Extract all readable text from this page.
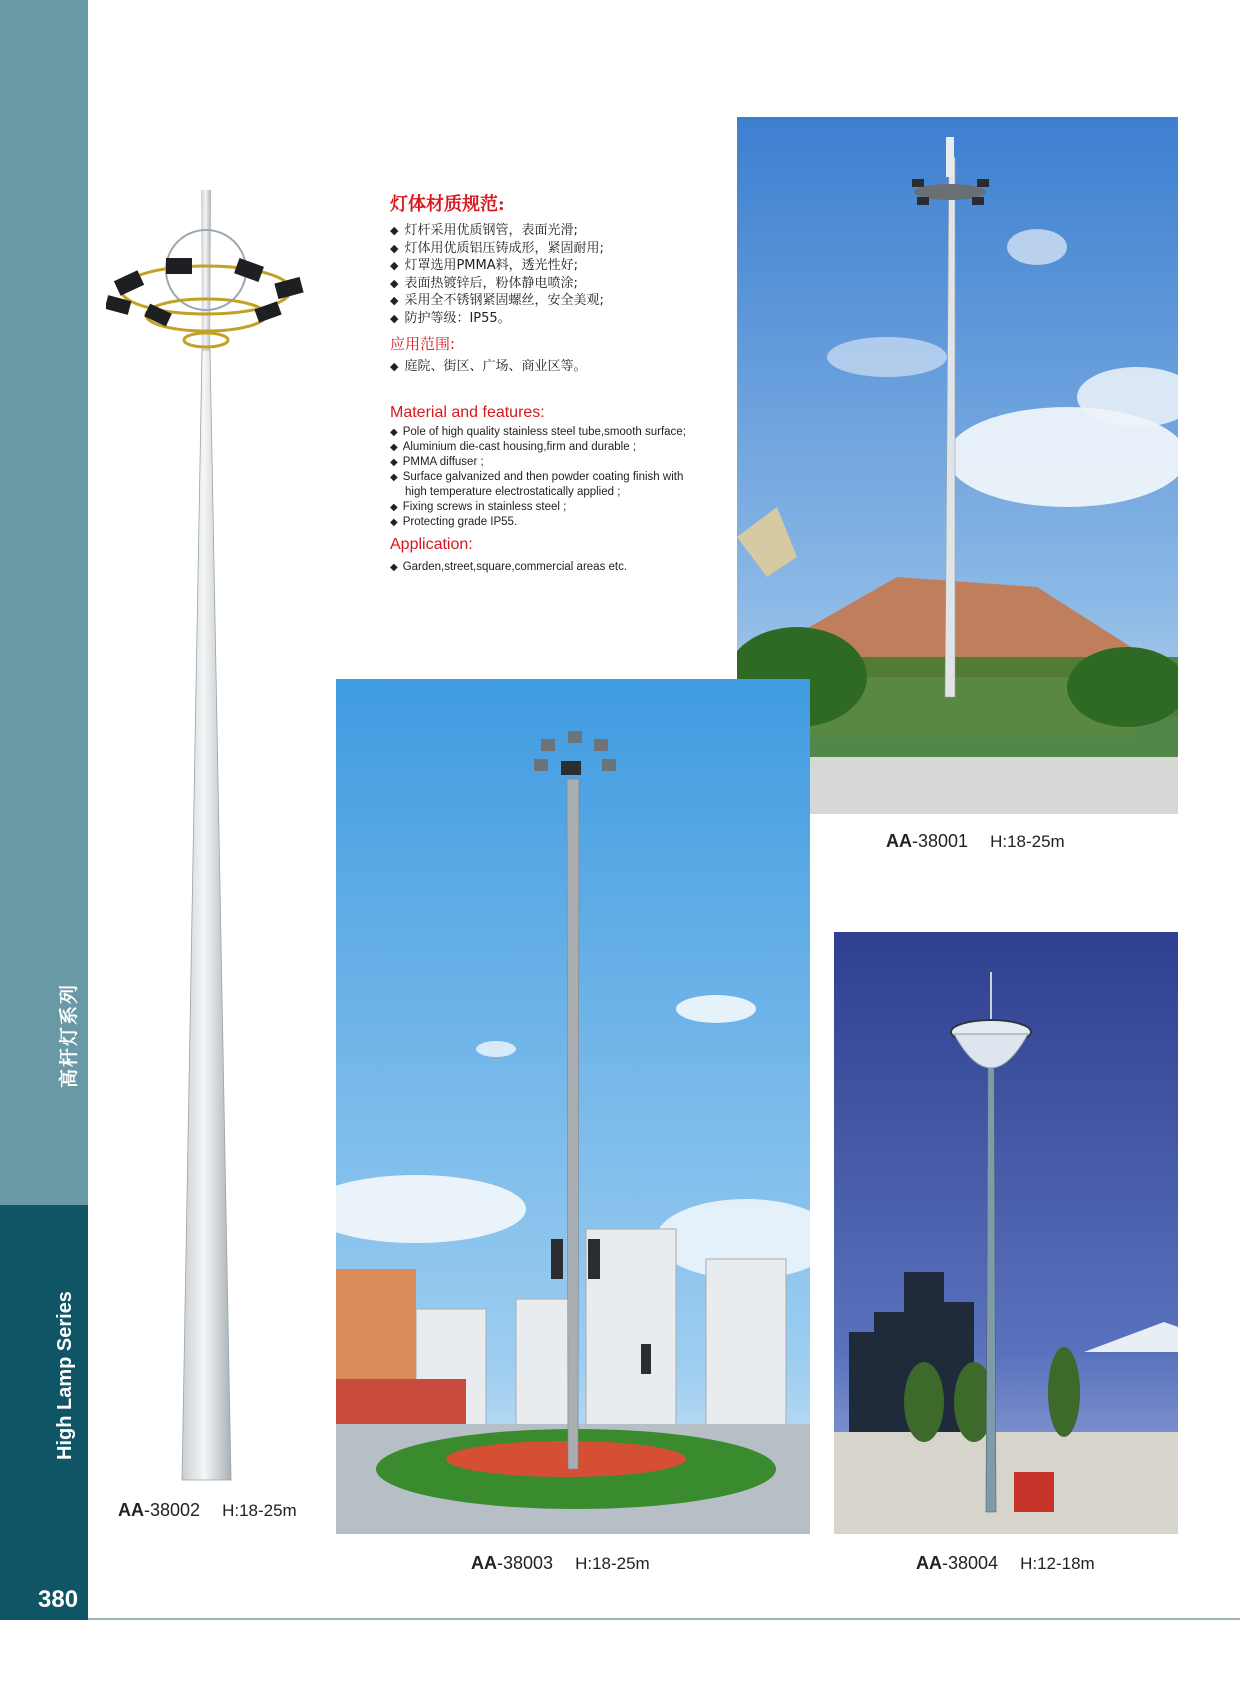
高杆灯系列
High Lamp Series
380
灯体材质规范:
◆ 灯杆采用优质钢管，表面光滑;
◆ 灯体用优质铝压铸成形，紧固耐用;
◆ 灯罩选用PMMA料，透光性好;
◆ 表面热镀锌后，粉体静电喷涂;
◆ 采用全不锈钢紧固螺丝，安全美观;
◆ 防护等级：IP55。
应用范围:
◆ 庭院、街区、广场、商业区等。
Material and features:
◆ Pole of high quality stainless steel tube,smooth surface;
◆ Aluminium die-cast housing,firm and durable ;
◆ PMMA diffuser ;
◆ Surface galvanized and then powder coating finish with high temperature electrostatically applied ;
◆ Fixing screws in stainless steel ;
◆ Protecting grade IP55.
Application:
◆ Garden,street,square,commercial areas etc.
AA-38001 H:18-25m
AA-38003 H:18-25m	AA-38004 H:12-18m
AA-38002 H:18-25m
